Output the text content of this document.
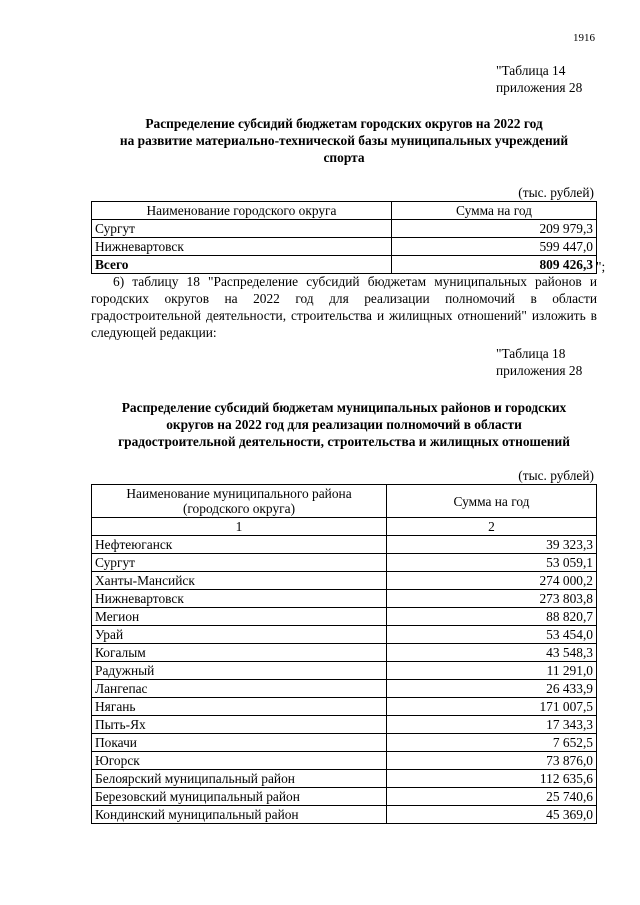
1916
"Таблица 14
приложения 28
Распределение субсидий бюджетам городских округов на 2022 год
на развитие материально-технической базы муниципальных учреждений
спорта
(тыс. рублей)
Наименование городского округа	Сумма на год
Сургут	209 979,3
Нижневартовск	599 447,0
Всего	809 426,3 ";

6) таблицу 18 "Распределение субсидий бюджетам муниципальных районов и городских округов на 2022 год для реализации полномочий в области градостроительной деятельности, строительства и жилищных отношений" изложить в следующей редакции:

"Таблица 18
приложения 28
Распределение субсидий бюджетам муниципальных районов и городских
округов на 2022 год для реализации полномочий в области
градостроительной деятельности, строительства и жилищных отношений
(тыс. рублей)
Наименование муниципального района
(городского округа)	Сумма на год
1	2
Нефтеюганск	39 323,3
Сургут	53 059,1
Ханты-Мансийск	274 000,2
Нижневартовск	273 803,8
Мегион	88 820,7
Урай	53 454,0
Когалым	43 548,3
Радужный	11 291,0
Лангепас	26 433,9
Нягань	171 007,5
Пыть-Ях	17 343,3
Покачи	7 652,5
Югорск	73 876,0
Белоярский муниципальный район	112 635,6
Березовский муниципальный район	25 740,6
Кондинский муниципальный район	45 369,0
